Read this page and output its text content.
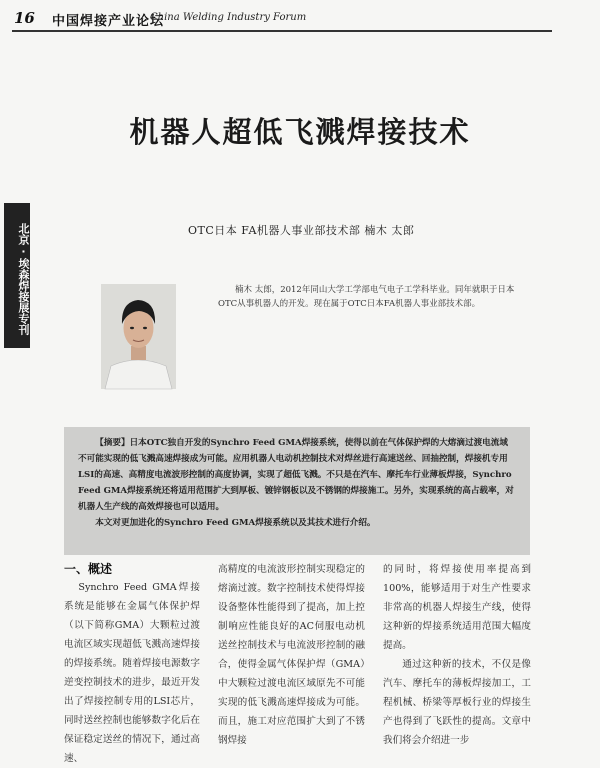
16 中国焊接产业论坛
China Welding Industry Forum
北京·埃森焊接展专刊
机器人超低飞溅焊接技术
OTC日本 FA机器人事业部技术部 楠木 太郎
楠木 太郎，2012年同山大学工学部电气电子工学科毕业。同年就职于日本OTC从事机器人的开发。现在属于OTC日本FA机器人事业部技术部。

【摘要】日本OTC独自开发的Synchro Feed GMA焊接系统，使得以前在气体保护焊的大熔滴过渡电流域不可能实现的低飞溅高速焊接成为可能。应用机器人电动机控制技术对焊丝进行高速送丝、回抽控制，焊接机专用LSI的高速、高精度电流波形控制的高度协调，实现了超低飞溅。不只是在汽车、摩托车行业薄板焊接，Synchro Feed GMA焊接系统还将适用范围扩大到厚板、镀锌钢板以及不锈钢的焊接施工。另外，实现系统的高占载率，对机器人生产线的高效焊接也可以适用。

本文对更加进化的Synchro Feed GMA焊接系统以及其技术进行介绍。

一、概述
Synchro Feed GMA焊接系统是能够在金属气体保护焊（以下简称GMA）大颗粒过渡电流区域实现超低飞溅高速焊接的焊接系统。随着焊接电源数字逆变控制技术的进步，最近开发出了焊接控制专用的LSI芯片，同时送丝控制也能够数字化后在保证稳定送丝的情况下，通过高速、
高精度的电流波形控制实现稳定的熔滴过渡。数字控制技术使得焊接设备整体性能得到了提高，加上控制响应性能良好的AC伺服电动机送丝控制技术与电流波形控制的融合，使得金属气体保护焊（GMA）中大颗粒过渡电流区域原先不可能实现的低飞溅高速焊接成为可能。而且，施工对应范围扩大到了不锈钢焊接
的同时，将焊接使用率提高到100%，能够适用于对生产性要求非常高的机器人焊接生产线，使得这种新的焊接系统适用范围大幅度提高。
通过这种新的技术，不仅是像汽车、摩托车的薄板焊接加工，工程机械、桥梁等厚板行业的焊接生产也得到了飞跃性的提高。文章中我们将会介绍进一步
